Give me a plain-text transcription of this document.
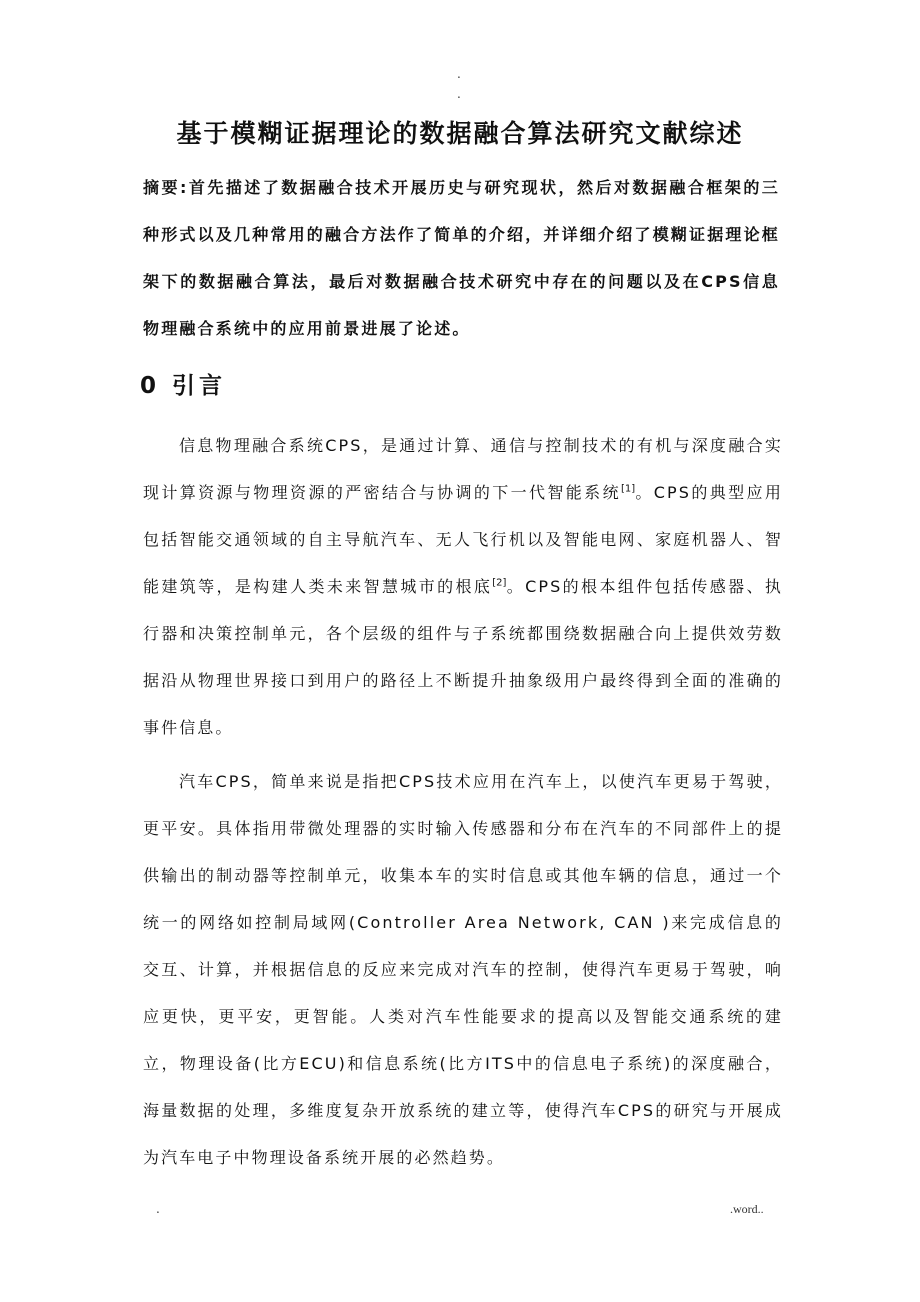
.
.
基于模糊证据理论的数据融合算法研究文献综述
摘要:首先描述了数据融合技术开展历史与研究现状，然后对数据融合框架的三种形式以及几种常用的融合方法作了简单的介绍，并详细介绍了模糊证据理论框架下的数据融合算法，最后对数据融合技术研究中存在的问题以及在CPS信息物理融合系统中的应用前景进展了论述。
0 引言
信息物理融合系统CPS，是通过计算、通信与控制技术的有机与深度融合实现计算资源与物理资源的严密结合与协调的下一代智能系统[1]。CPS的典型应用包括智能交通领域的自主导航汽车、无人飞行机以及智能电网、家庭机器人、智能建筑等，是构建人类未来智慧城市的根底[2]。CPS的根本组件包括传感器、执行器和决策控制单元，各个层级的组件与子系统都围绕数据融合向上提供效劳数据沿从物理世界接口到用户的路径上不断提升抽象级用户最终得到全面的准确的事件信息。
汽车CPS，简单来说是指把CPS技术应用在汽车上，以使汽车更易于驾驶，更平安。具体指用带微处理器的实时输入传感器和分布在汽车的不同部件上的提供输出的制动器等控制单元，收集本车的实时信息或其他车辆的信息，通过一个统一的网络如控制局域网(Controller Area Network, CAN )来完成信息的交互、计算，并根据信息的反应来完成对汽车的控制，使得汽车更易于驾驶，响应更快，更平安，更智能。人类对汽车性能要求的提高以及智能交通系统的建立，物理设备(比方ECU)和信息系统(比方ITS中的信息电子系统)的深度融合，海量数据的处理，多维度复杂开放系统的建立等，使得汽车CPS的研究与开展成为汽车电子中物理设备系统开展的必然趋势。
.	.word..
